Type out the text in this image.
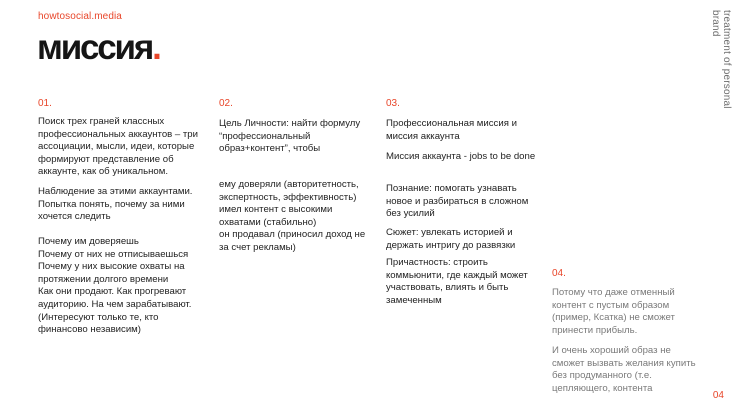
howtosocial.media
миссия.	treatment of personal brand
01.
Поиск трех граней классных
профессиональных аккаунтов – три
ассоциации, мысли, идеи, которые
формируют представление об
аккаунте, как об уникальном.
Наблюдение за этими аккаунтами.
Попытка понять, почему за ними
хочется следить
Почему им доверяешь
Почему от них не отписываешься
Почему у них высокие охваты на
протяжении долгого времени
Как они продают. Как прогревают
аудиторию. На чем зарабатывают.
(Интересуют только те, кто
финансово независим)
02.
Цель Личности: найти формулу
“профессиональный
образ+контент”, чтобы
ему доверяли (авторитетность,
экспертность, эффективность)
имел контент с высокими
охватами (стабильно)
он продавал (приносил доход не
за счет рекламы)
03.
Профессиональная миссия и
миссия аккаунта
Миссия аккаунта - jobs to be done
Познание: помогать узнавать
новое и разбираться в сложном
без усилий
Сюжет: увлекать историей и
держать интригу до развязки
Причастность: строить
коммьюнити, где каждый может
участвовать, влиять и быть
замеченным
04.
Потому что даже отменный
контент с пустым образом
(пример, Ксатка) не сможет
принести прибыль.
И очень хороший образ не
сможет вызвать желания купить
без продуманного (т.е.
цепляющего, контента
04
